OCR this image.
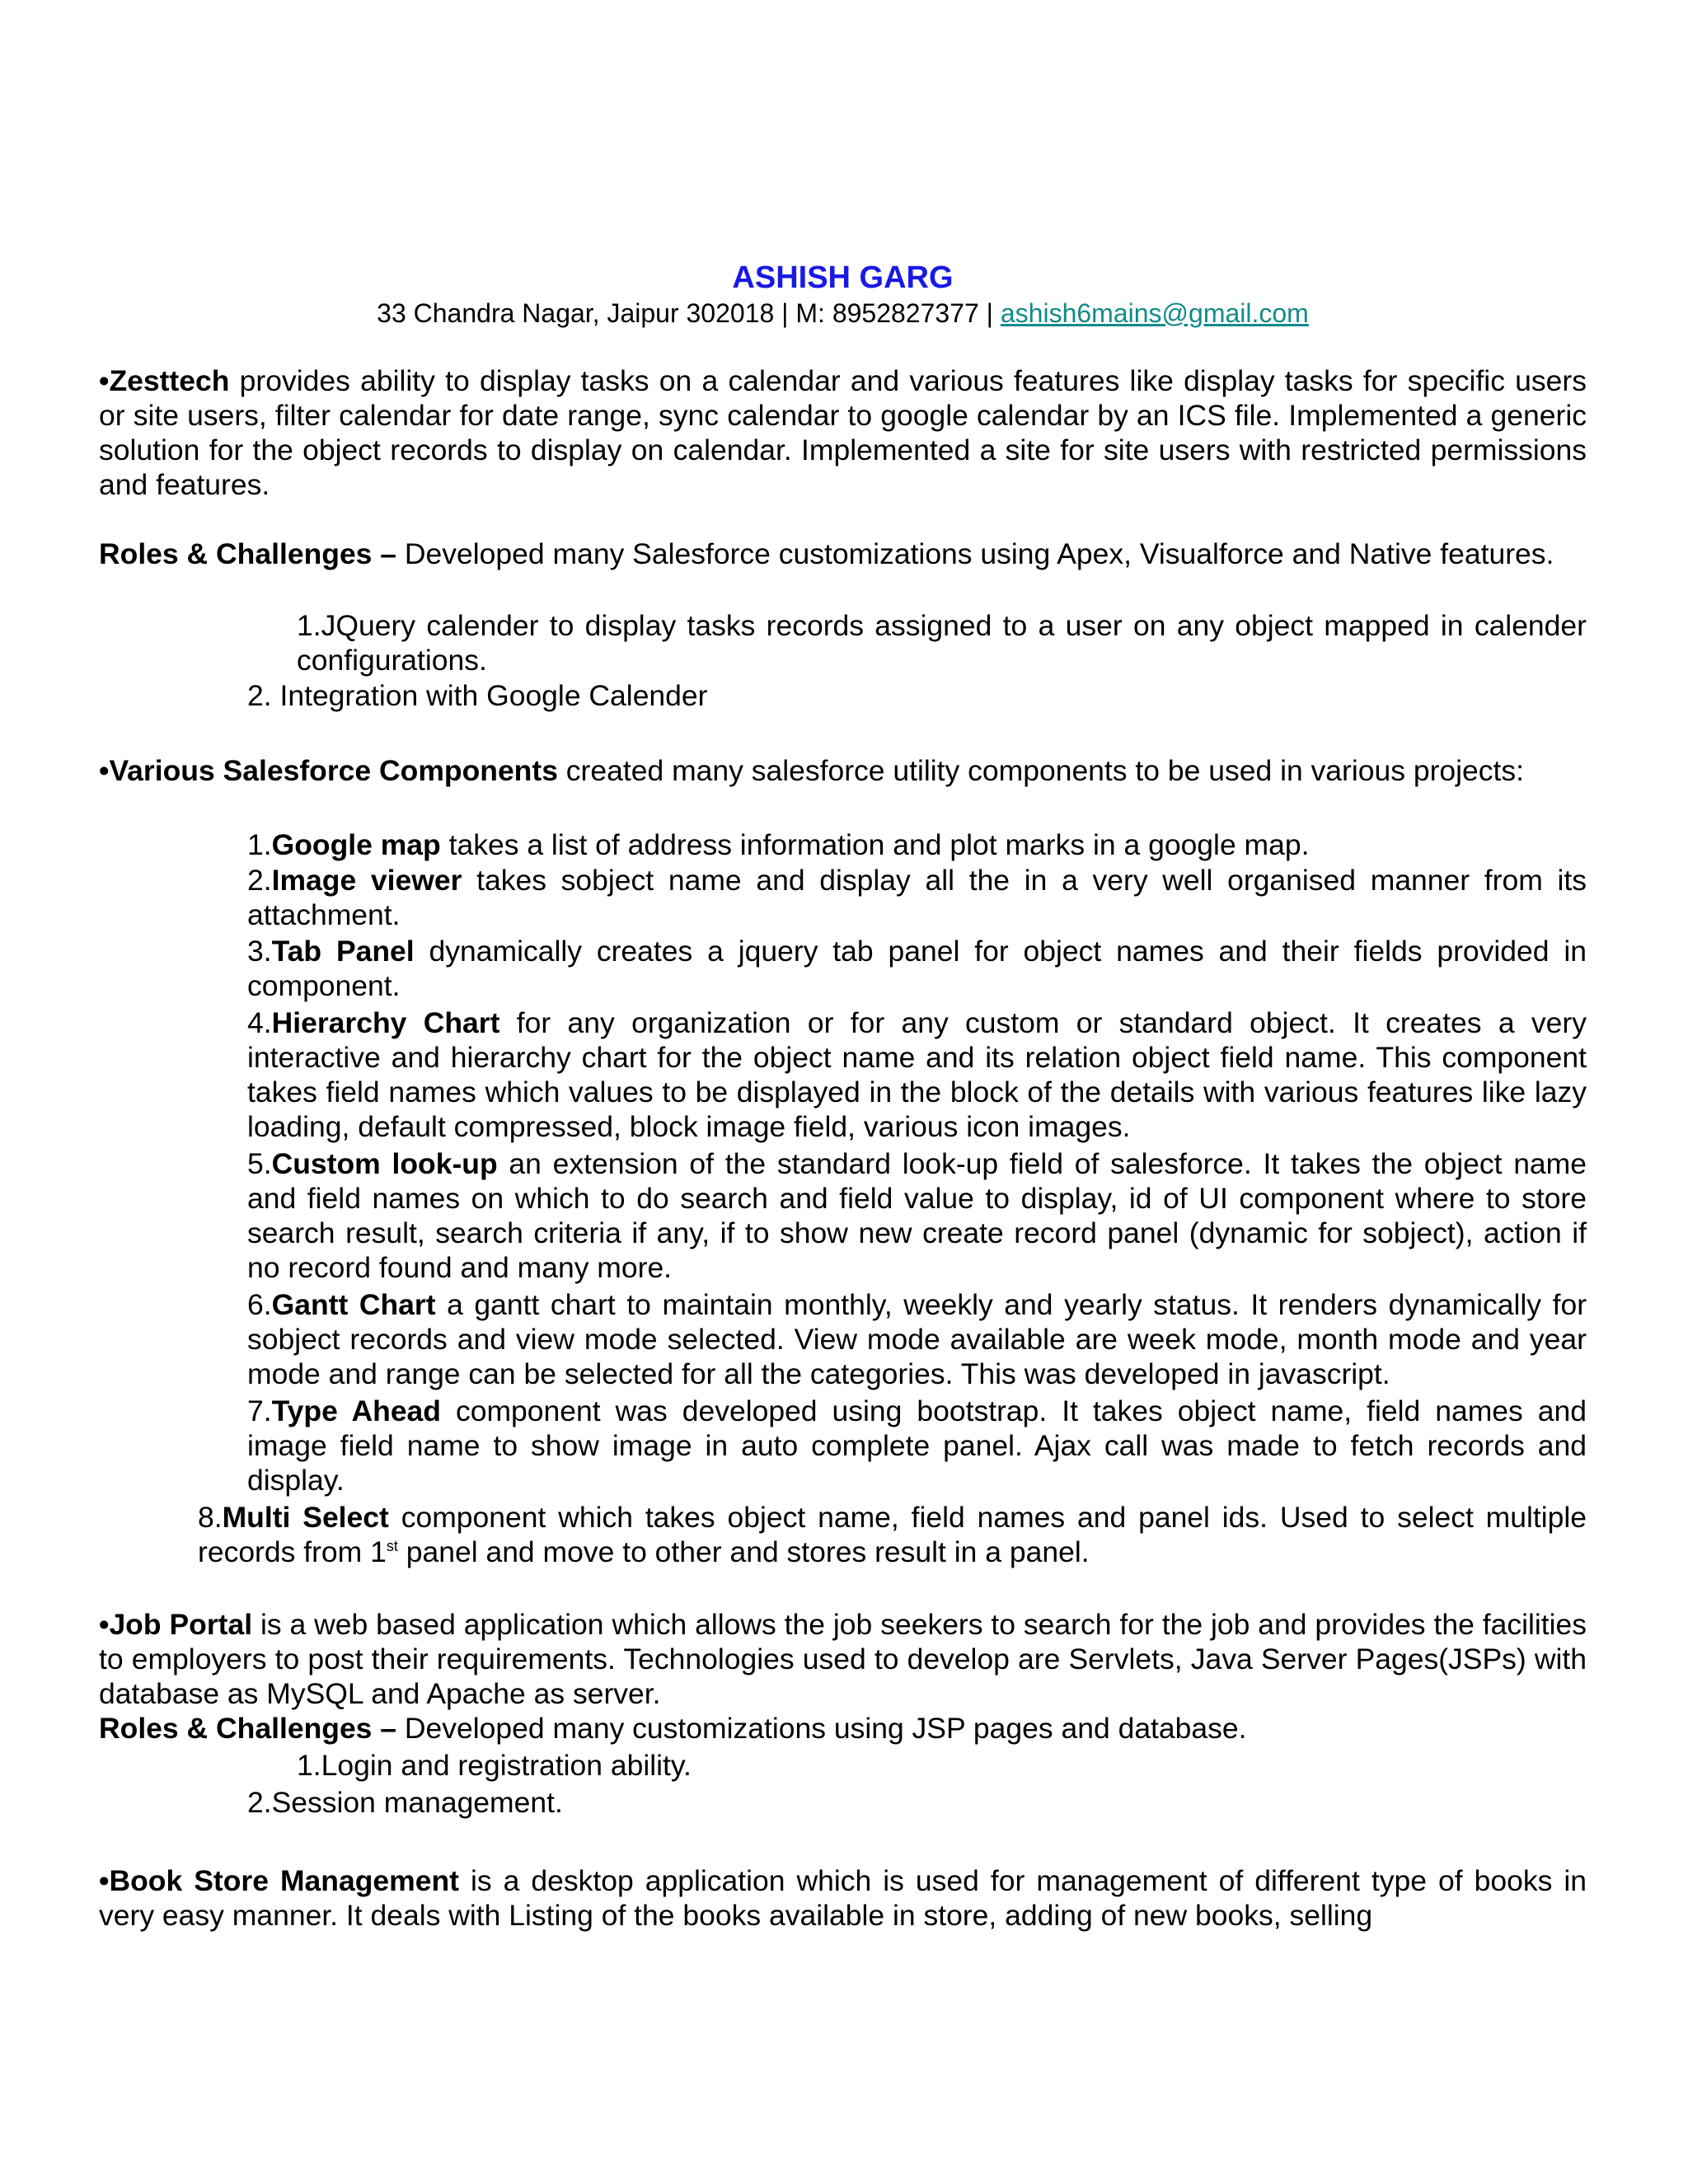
ASHISH GARG
33 Chandra Nagar, Jaipur 302018 | M: 8952827377 | ashish6mains@gmail.com
•Zesttech provides ability to display tasks on a calendar and various features like display tasks for specific users or site users, filter calendar for date range, sync calendar to google calendar by an ICS file. Implemented a generic solution for the object records to display on calendar. Implemented a site for site users with restricted permissions and features.
Roles & Challenges – Developed many Salesforce customizations using Apex, Visualforce and Native features.
1.JQuery calender to display tasks records assigned to a user on any object mapped in calender configurations.
2. Integration with Google Calender
•Various Salesforce Components created many salesforce utility components to be used in various projects:
1.Google map takes a list of address information and plot marks in a google map.
2.Image viewer takes sobject name and display all the in a very well organised manner from its attachment.
3.Tab Panel dynamically creates a jquery tab panel for object names and their fields provided in component.
4.Hierarchy Chart for any organization or for any custom or standard object. It creates a very interactive and hierarchy chart for the object name and its relation object field name. This component takes field names which values to be displayed in the block of the details with various features like lazy loading, default compressed, block image field, various icon images.
5.Custom look-up an extension of the standard look-up field of salesforce. It takes the object name and field names on which to do search and field value to display, id of UI component where to store search result, search criteria if any, if to show new create record panel (dynamic for sobject), action if no record found and many more.
6.Gantt Chart a gantt chart to maintain monthly, weekly and yearly status. It renders dynamically for sobject records and view mode selected. View mode available are week mode, month mode and year mode and range can be selected for all the categories. This was developed in javascript.
7.Type Ahead component was developed using bootstrap. It takes object name, field names and image field name to show image in auto complete panel. Ajax call was made to fetch records and display.
8.Multi Select component which takes object name, field names and panel ids. Used to select multiple records from 1st panel and move to other and stores result in a panel.
•Job Portal is a web based application which allows the job seekers to search for the job and provides the facilities to employers to post their requirements. Technologies used to develop are Servlets, Java Server Pages(JSPs) with database as MySQL and Apache as server.
Roles & Challenges – Developed many customizations using JSP pages and database.
1.Login and registration ability.
2.Session management.
•Book Store Management is a desktop application which is used for management of different type of books in very easy manner. It deals with Listing of the books available in store, adding of new books, selling
